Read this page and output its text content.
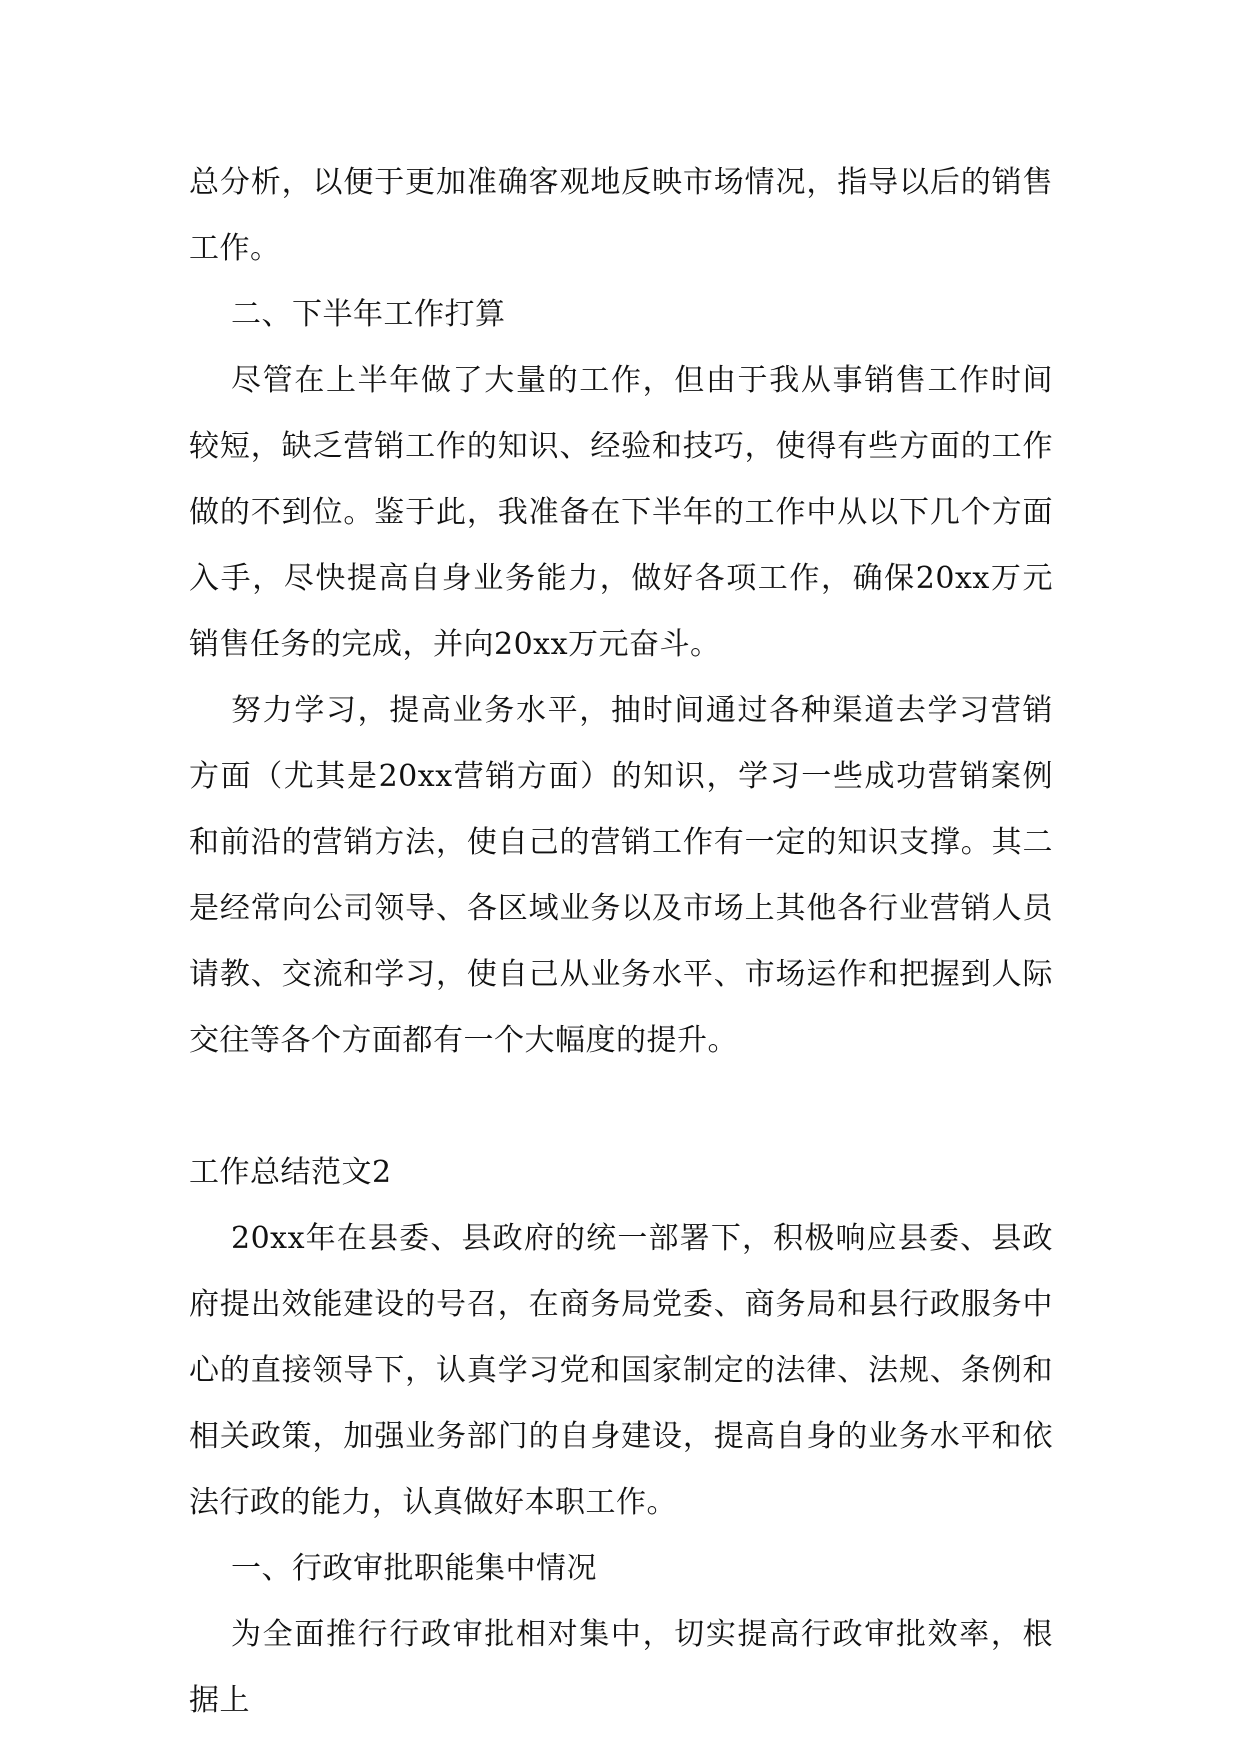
总分析，以便于更加准确客观地反映市场情况，指导以后的销售工作。

二、下半年工作打算

尽管在上半年做了大量的工作，但由于我从事销售工作时间较短，缺乏营销工作的知识、经验和技巧，使得有些方面的工作做的不到位。鉴于此，我准备在下半年的工作中从以下几个方面入手，尽快提高自身业务能力，做好各项工作，确保20xx万元销售任务的完成，并向20xx万元奋斗。

努力学习，提高业务水平，抽时间通过各种渠道去学习营销方面（尤其是20xx营销方面）的知识，学习一些成功营销案例和前沿的营销方法，使自己的营销工作有一定的知识支撑。其二是经常向公司领导、各区域业务以及市场上其他各行业营销人员请教、交流和学习，使自己从业务水平、市场运作和把握到人际交往等各个方面都有一个大幅度的提升。

工作总结范文2

20xx年在县委、县政府的统一部署下，积极响应县委、县政府提出效能建设的号召，在商务局党委、商务局和县行政服务中心的直接领导下，认真学习党和国家制定的法律、法规、条例和相关政策，加强业务部门的自身建设，提高自身的业务水平和依法行政的能力，认真做好本职工作。

一、行政审批职能集中情况

为全面推行行政审批相对集中，切实提高行政审批效率，根据上
